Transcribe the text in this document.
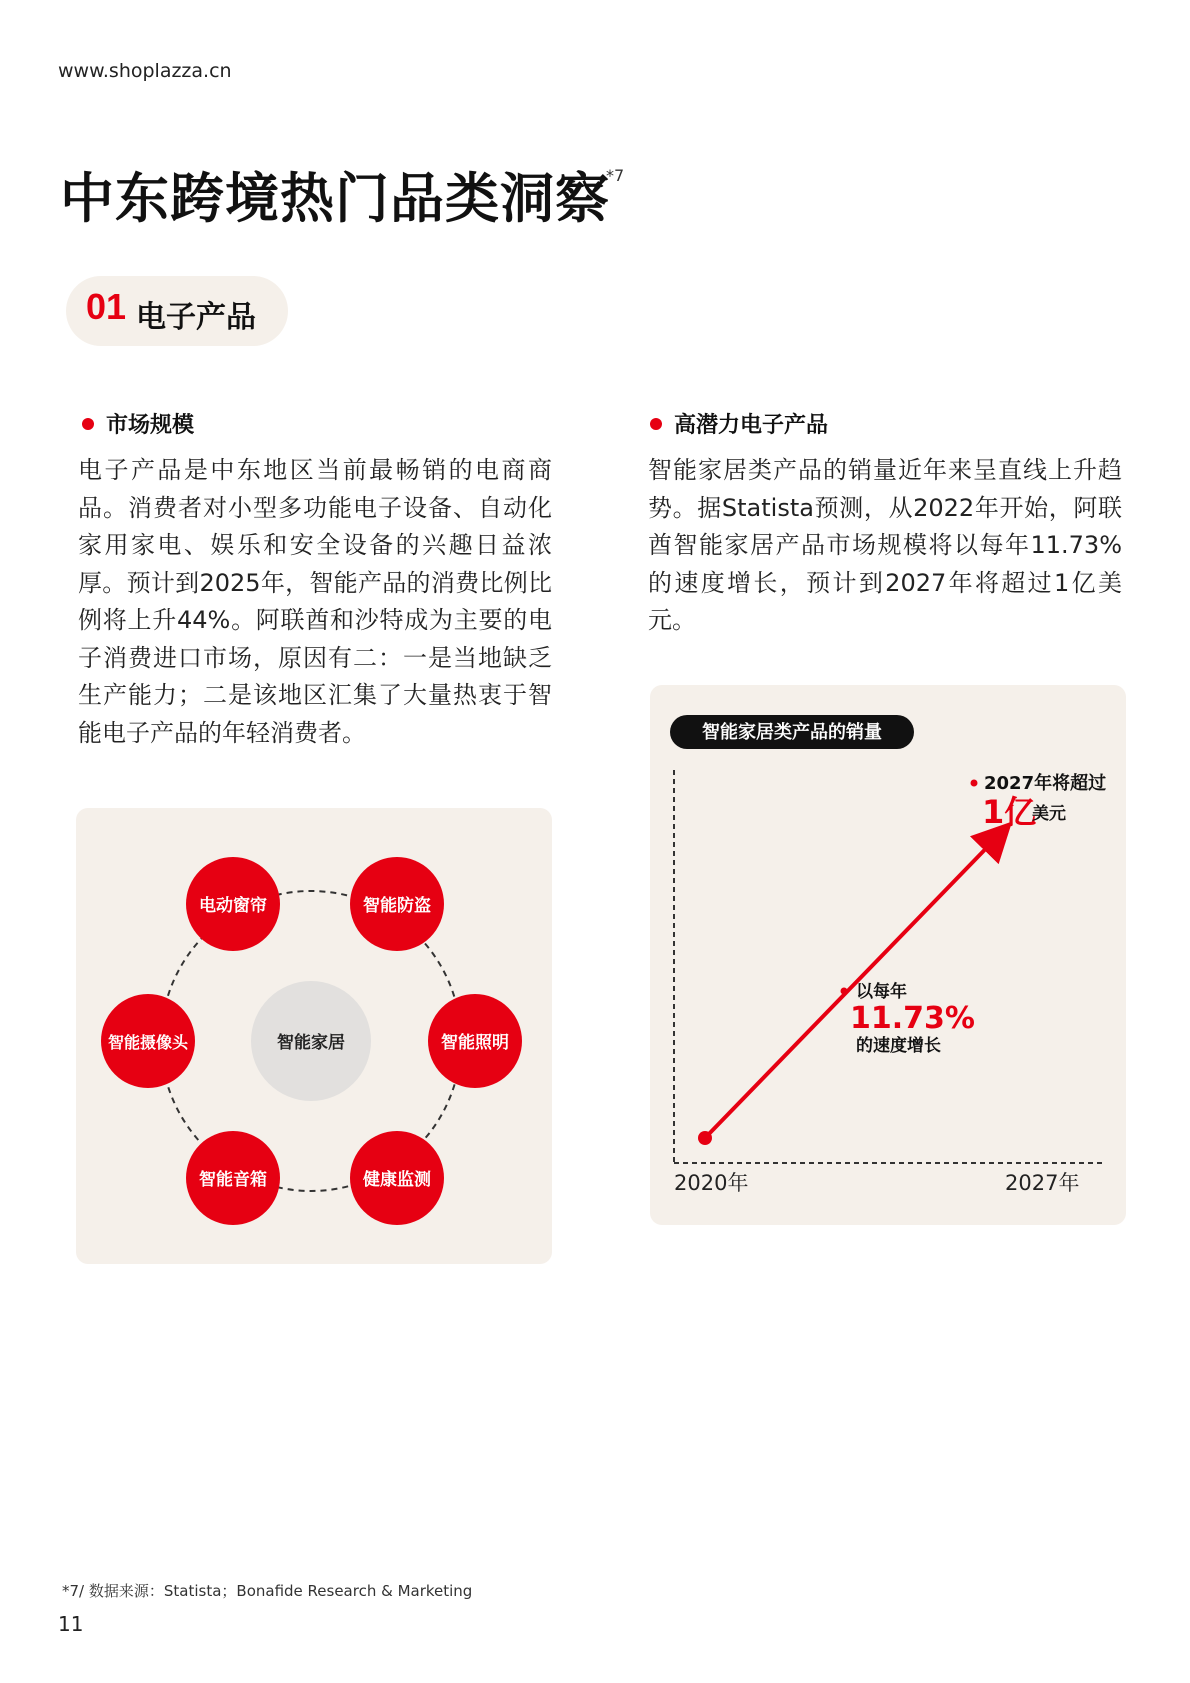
www.shoplazza.cn
中东跨境热门品类洞察
*7
01 电子产品
市场规模
电子产品是中东地区当前最畅销的电商商品。消费者对小型多功能电子设备、自动化家用家电、娱乐和安全设备的兴趣日益浓厚。预计到2025年，智能产品的消费比例比例将上升44%。阿联酋和沙特成为主要的电子消费进口市场，原因有二：一是当地缺乏生产能力；二是该地区汇集了大量热衷于智能电子产品的年轻消费者。
高潜力电子产品
智能家居类产品的销量近年来呈直线上升趋势。据Statista预测，从2022年开始，阿联酋智能家居产品市场规模将以每年11.73%的速度增长，预计到2027年将超过1亿美元。
智能家居
电动窗帘	智能防盗
智能照明
健康监测
智能音箱
智能摄像头
智能家居类产品的销量
2020年	2027年
2027年将超过
1亿
美元
以每年
11.73%
的速度增长
*7/ 数据来源：Statista；Bonafide Research & Marketing
11
